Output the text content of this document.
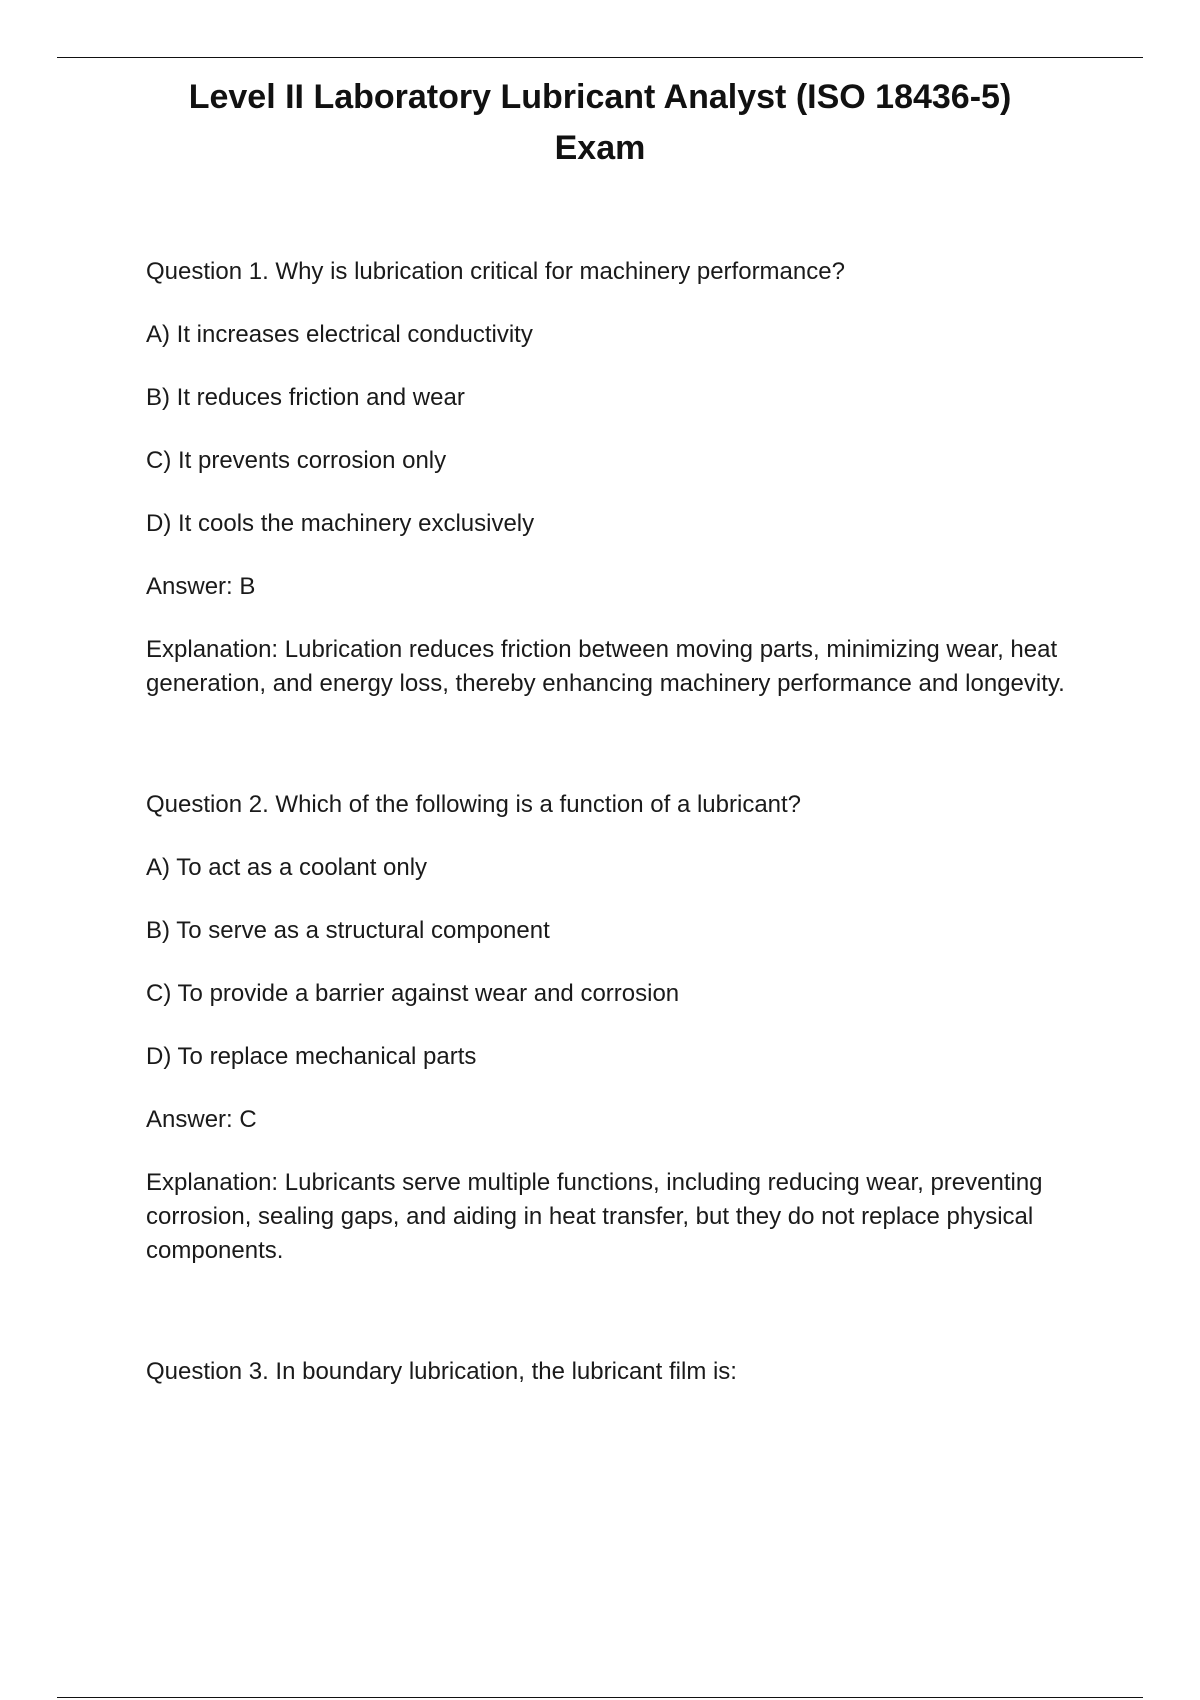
Level II Laboratory Lubricant Analyst (ISO 18436-5)
Exam

Question 1. Why is lubrication critical for machinery performance?

A) It increases electrical conductivity

B) It reduces friction and wear

C) It prevents corrosion only

D) It cools the machinery exclusively

Answer: B

Explanation: Lubrication reduces friction between moving parts, minimizing wear, heat generation, and energy loss, thereby enhancing machinery performance and longevity.

Question 2. Which of the following is a function of a lubricant?

A) To act as a coolant only

B) To serve as a structural component

C) To provide a barrier against wear and corrosion

D) To replace mechanical parts

Answer: C

Explanation: Lubricants serve multiple functions, including reducing wear, preventing corrosion, sealing gaps, and aiding in heat transfer, but they do not replace physical components.

Question 3. In boundary lubrication, the lubricant film is:
